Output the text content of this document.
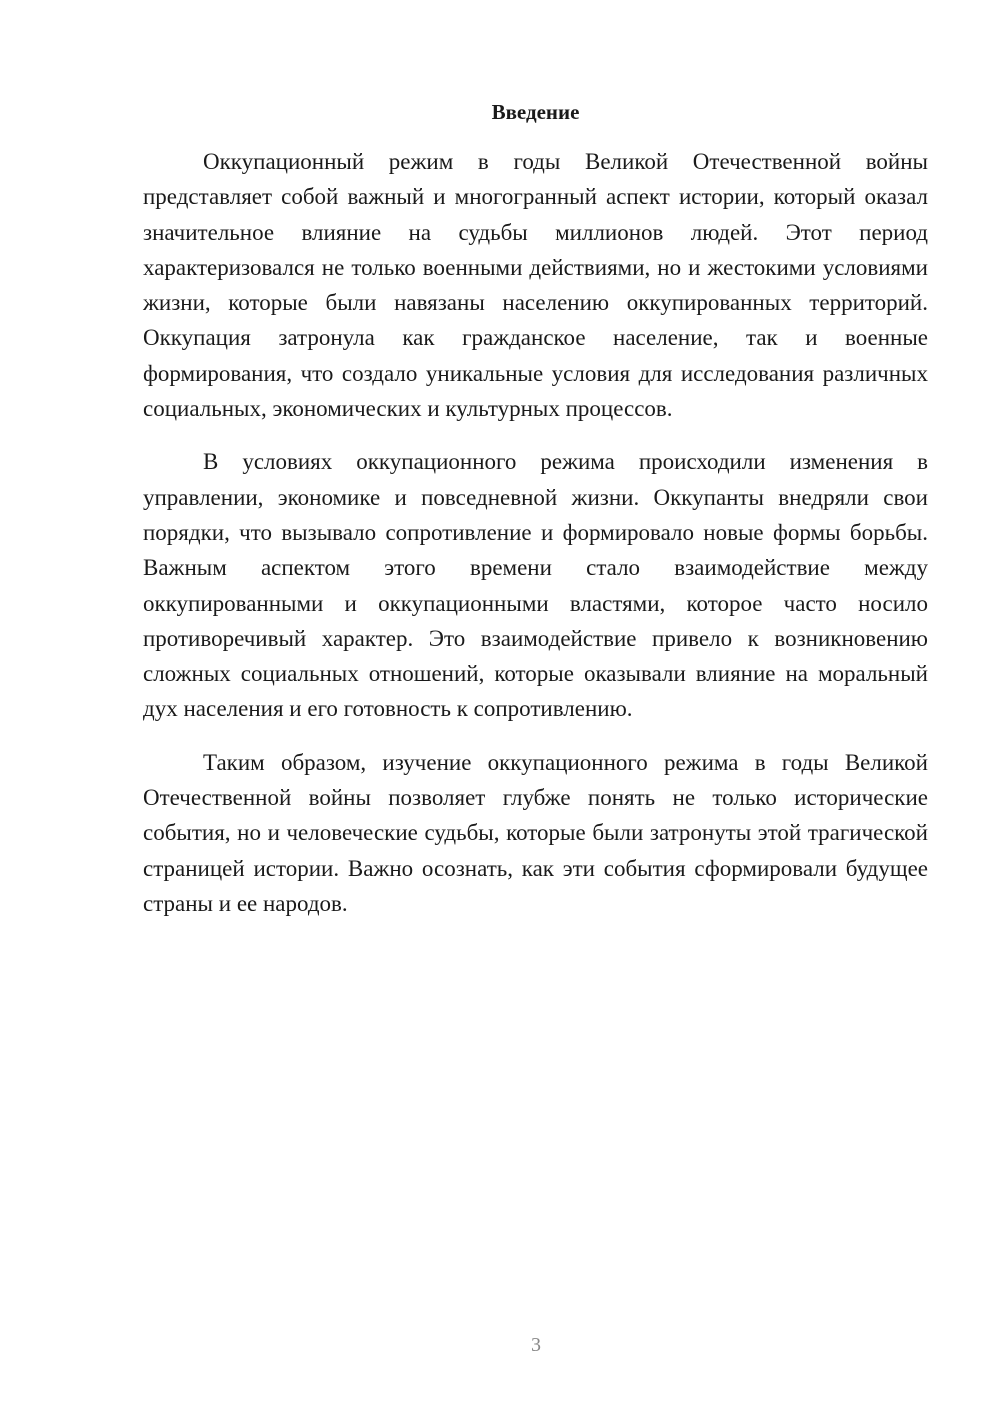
Введение

Оккупационный режим в годы Великой Отечественной войны представляет собой важный и многогранный аспект истории, который оказал значительное влияние на судьбы миллионов людей. Этот период характеризовался не только военными действиями, но и жестокими условиями жизни, которые были навязаны населению оккупированных территорий. Оккупация затронула как гражданское население, так и военные формирования, что создало уникальные условия для исследования различных социальных, экономических и культурных процессов.

В условиях оккупационного режима происходили изменения в управлении, экономике и повседневной жизни. Оккупанты внедряли свои порядки, что вызывало сопротивление и формировало новые формы борьбы. Важным аспектом этого времени стало взаимодействие между оккупированными и оккупационными властями, которое часто носило противоречивый характер. Это взаимодействие привело к возникновению сложных социальных отношений, которые оказывали влияние на моральный дух населения и его готовность к сопротивлению.

Таким образом, изучение оккупационного режима в годы Великой Отечественной войны позволяет глубже понять не только исторические события, но и человеческие судьбы, которые были затронуты этой трагической страницей истории. Важно осознать, как эти события сформировали будущее страны и ее народов.

3
